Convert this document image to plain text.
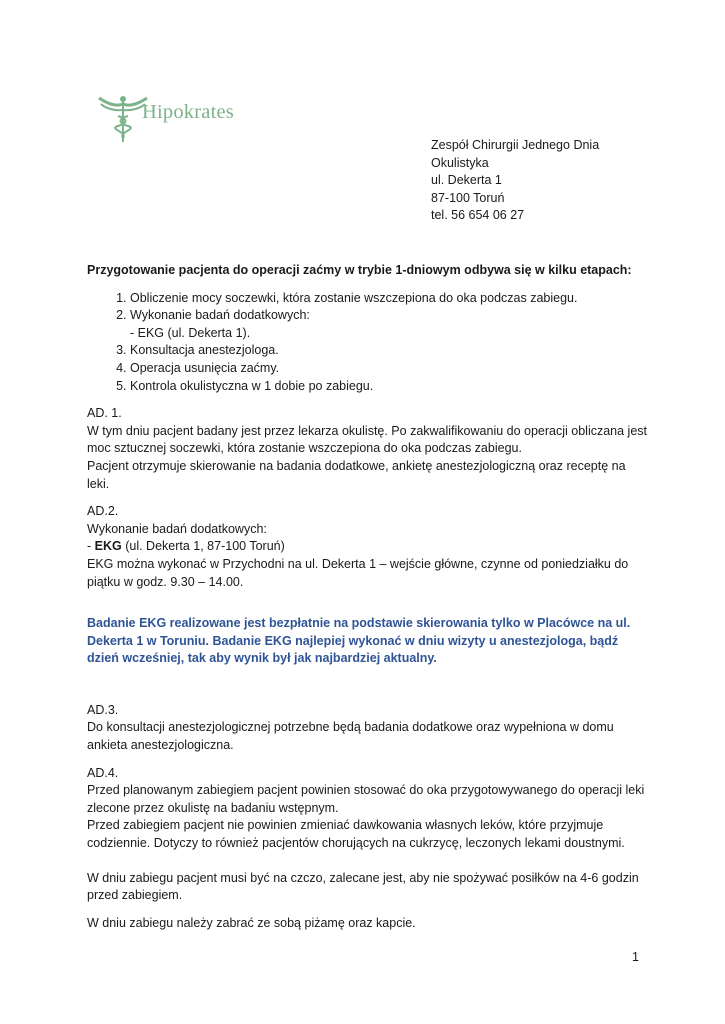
Hipokrates
Zespół Chirurgii Jednego Dnia
Okulistyka
ul. Dekerta 1
87-100 Toruń
tel. 56 654 06 27
Przygotowanie pacjenta do operacji zaćmy w trybie 1-dniowym odbywa się w kilku etapach:
1. Obliczenie mocy soczewki, która zostanie wszczepiona do oka podczas zabiegu.
2. Wykonanie badań dodatkowych:
- EKG (ul. Dekerta 1).
3. Konsultacja anestezjologa.
4. Operacja usunięcia zaćmy.
5. Kontrola okulistyczna w 1 dobie po zabiegu.
AD. 1.
W tym dniu pacjent badany jest przez lekarza okulistę. Po zakwalifikowaniu do operacji obliczana jest moc sztucznej soczewki, która zostanie wszczepiona do oka podczas zabiegu.
Pacjent otrzymuje skierowanie na badania dodatkowe, ankietę anestezjologiczną oraz receptę na leki.
AD.2.
Wykonanie badań dodatkowych:
- EKG (ul. Dekerta 1, 87-100 Toruń)
EKG można wykonać w Przychodni na ul. Dekerta 1 – wejście główne, czynne od poniedziałku do piątku w godz. 9.30 – 14.00.
Badanie EKG realizowane jest bezpłatnie na podstawie skierowania tylko w Placówce na ul. Dekerta 1 w Toruniu. Badanie EKG najlepiej wykonać w dniu wizyty u anestezjologa, bądź dzień wcześniej, tak aby wynik był jak najbardziej aktualny.
AD.3.
Do konsultacji anestezjologicznej potrzebne będą badania dodatkowe oraz wypełniona w domu ankieta anestezjologiczna.
AD.4.
Przed planowanym zabiegiem pacjent powinien stosować do oka przygotowywanego do operacji leki zlecone przez okulistę na badaniu wstępnym.
Przed zabiegiem pacjent nie powinien zmieniać dawkowania własnych leków, które przyjmuje codziennie. Dotyczy to również pacjentów chorujących na cukrzycę, leczonych lekami doustnymi.
W dniu zabiegu pacjent musi być na czczo, zalecane jest, aby nie spożywać posiłków na 4-6 godzin przed zabiegiem.
W dniu zabiegu należy zabrać ze sobą piżamę oraz kapcie.
1
